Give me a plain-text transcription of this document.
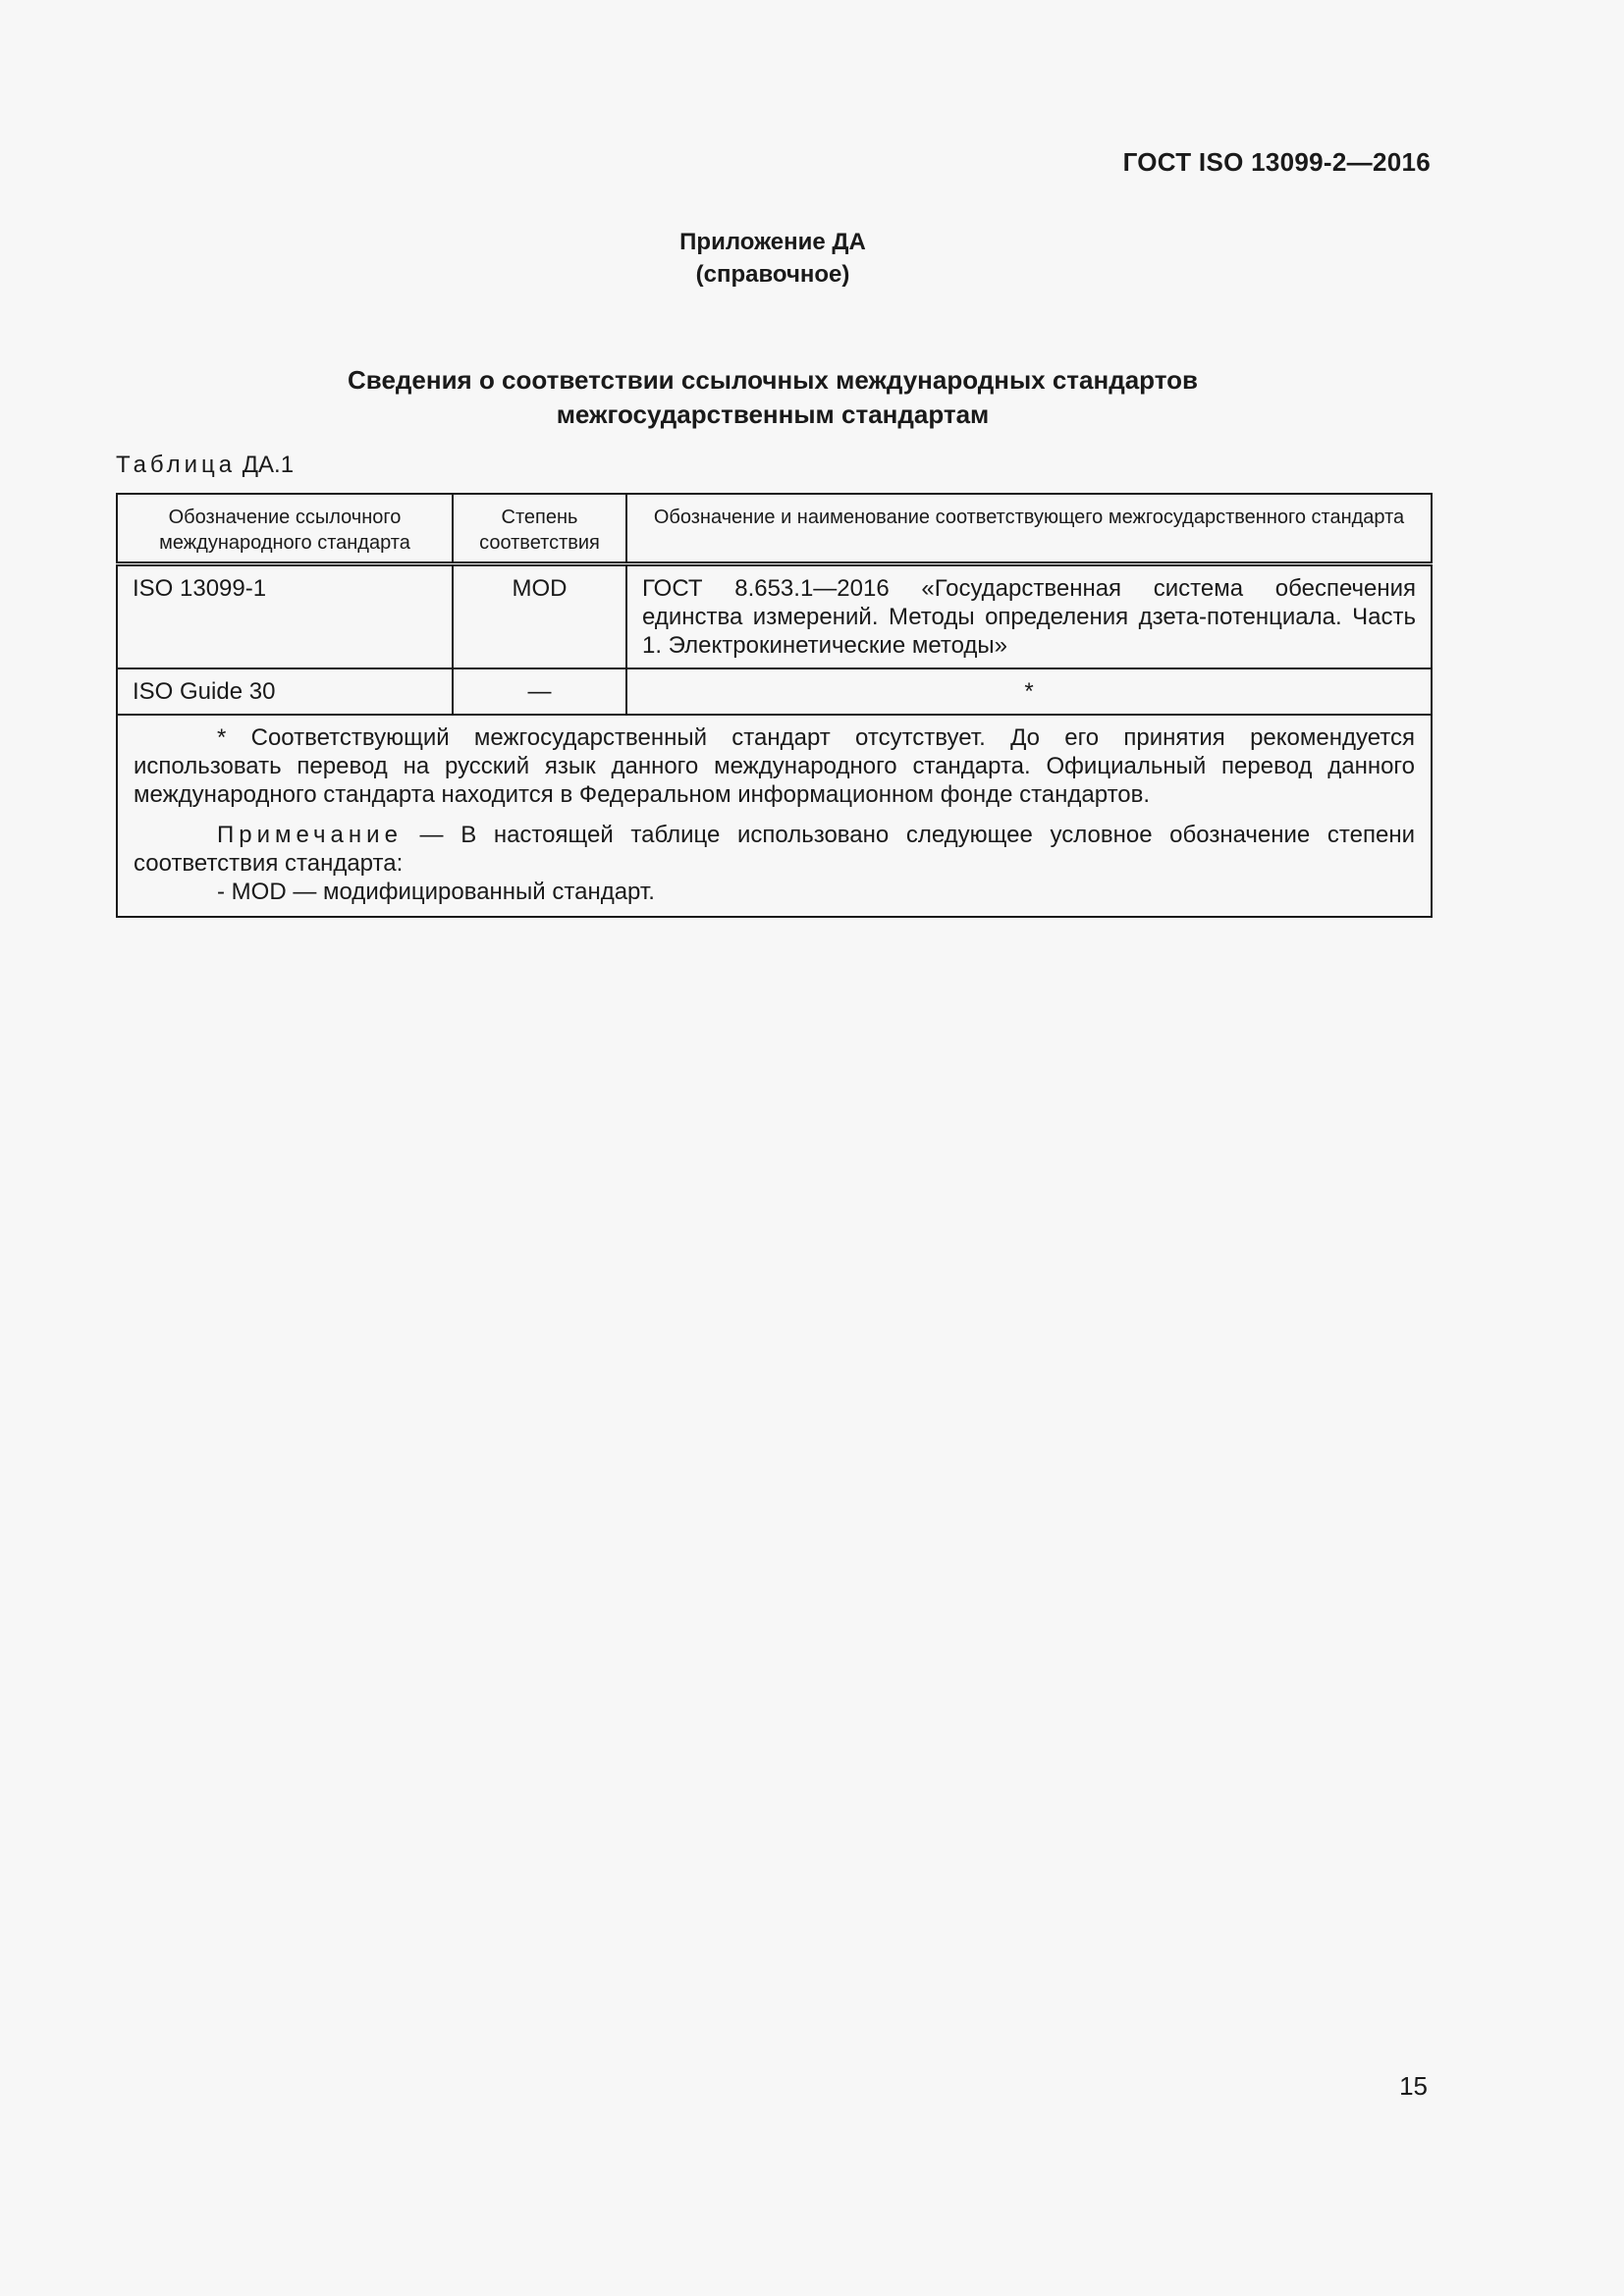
ГОСТ ISO 13099-2—2016
Приложение ДА
(справочное)
Сведения о соответствии ссылочных международных стандартов
межгосударственным стандартам
Таблица ДА.1
Обозначение ссылочного международного стандарта	Степень соответствия	Обозначение и наименование соответствующего межгосударственного стандарта
ISO 13099-1	MOD	ГОСТ 8.653.1—2016 «Государственная система обеспечения единства измерений. Методы определения дзета-потенциала. Часть 1. Электрокинетические методы»
ISO Guide 30	—	*

* Соответствующий межгосударственный стандарт отсутствует. До его принятия рекомендуется использовать перевод на русский язык данного международного стандарта. Официальный перевод данного международного стандарта находится в Федеральном информационном фонде стандартов.

Примечание — В настоящей таблице использовано следующее условное обозначение степени соответствия стандарта:

- MOD — модифицированный стандарт.		

15
